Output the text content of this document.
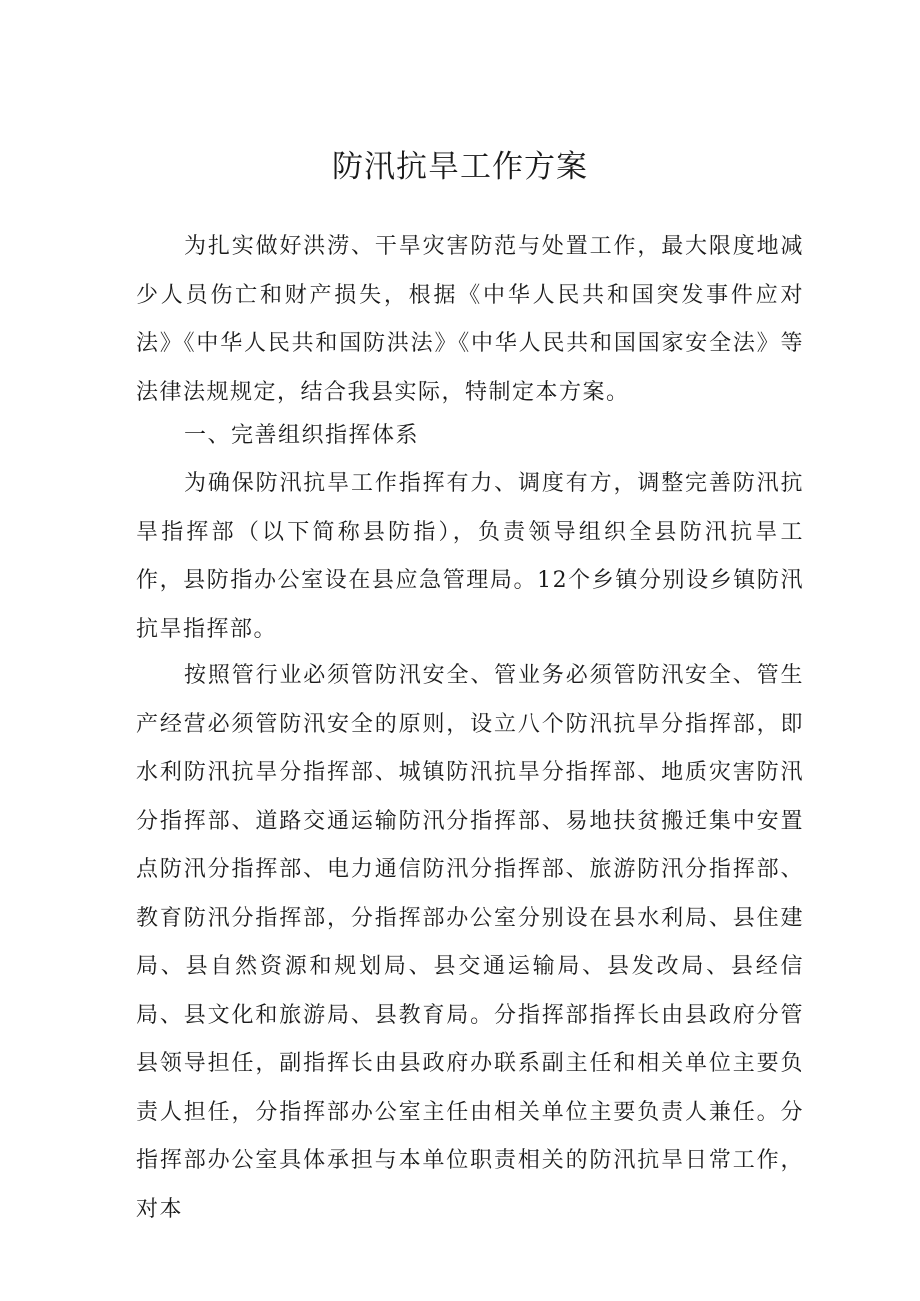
防汛抗旱工作方案

为扎实做好洪涝、干旱灾害防范与处置工作，最大限度地减少人员伤亡和财产损失，根据《中华人民共和国突发事件应对法》《中华人民共和国防洪法》《中华人民共和国国家安全法》等法律法规规定，结合我县实际，特制定本方案。

一、完善组织指挥体系

为确保防汛抗旱工作指挥有力、调度有方，调整完善防汛抗旱指挥部（以下简称县防指），负责领导组织全县防汛抗旱工作，县防指办公室设在县应急管理局。12个乡镇分别设乡镇防汛抗旱指挥部。

按照管行业必须管防汛安全、管业务必须管防汛安全、管生产经营必须管防汛安全的原则，设立八个防汛抗旱分指挥部，即水利防汛抗旱分指挥部、城镇防汛抗旱分指挥部、地质灾害防汛分指挥部、道路交通运输防汛分指挥部、易地扶贫搬迁集中安置点防汛分指挥部、电力通信防汛分指挥部、旅游防汛分指挥部、教育防汛分指挥部，分指挥部办公室分别设在县水利局、县住建局、县自然资源和规划局、县交通运输局、县发改局、县经信局、县文化和旅游局、县教育局。分指挥部指挥长由县政府分管县领导担任，副指挥长由县政府办联系副主任和相关单位主要负责人担任，分指挥部办公室主任由相关单位主要负责人兼任。分指挥部办公室具体承担与本单位职责相关的防汛抗旱日常工作，对本
